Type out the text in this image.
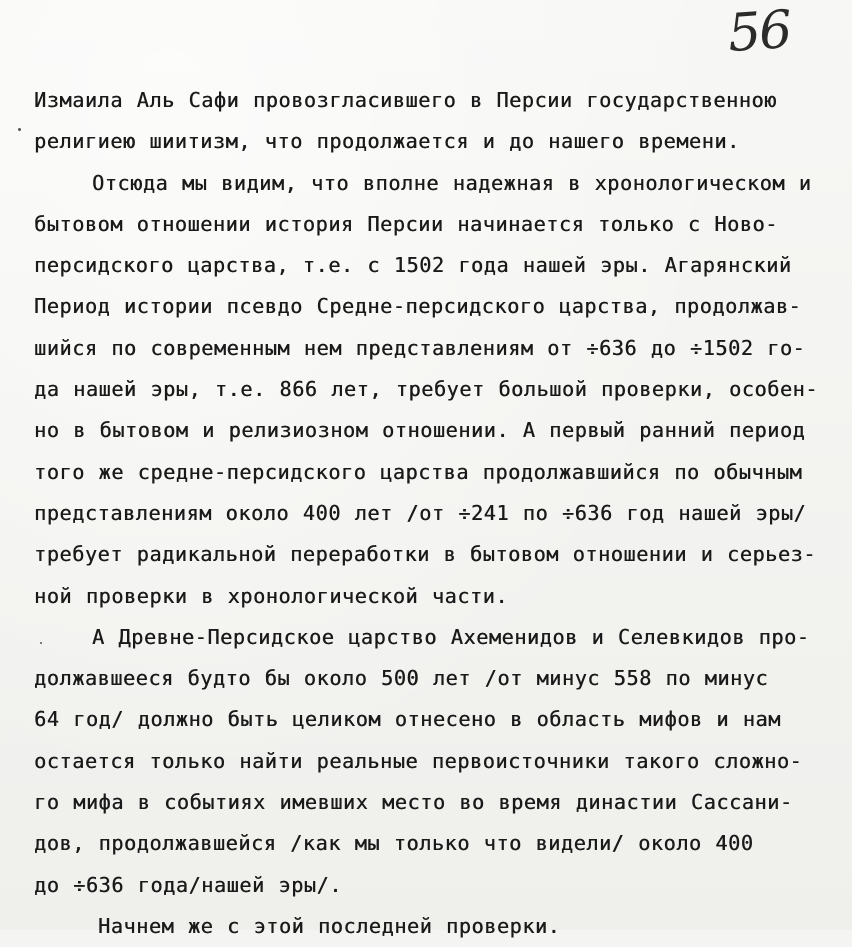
56
Измаила Аль Сафи провозгласившего в Персии государственною
религиею шиитизм, что продолжается и до нашего времени.
Отсюда мы видим, что вполне надежная в хронологическом и
бытовом отношении история Персии начинается только с Ново-
персидского царства, т.е. с 1502 года нашей эры. Агарянский
Период истории псевдо Средне-персидского царства, продолжав-
шийся по современным нем представлениям от ÷636 до ÷1502 го-
да нашей эры, т.е. 866 лет, требует большой проверки, особен-
но в бытовом и релизиозном отношении. А первый ранний период
того же средне-персидского царства продолжавшийся по обычным
представлениям около 400 лет /от ÷241 по ÷636 год нашей эры/
требует радикальной переработки в бытовом отношении и серьез-
ной проверки в хронологической части.
А Древне-Персидское царство Ахеменидов и Селевкидов про-
должавшееся будто бы около 500 лет /от минус 558 по минус
64 год/ должно быть целиком отнесено в область мифов и нам
остается только найти реальные первоисточники такого сложно-
го мифа в событиях имевших место во время династии Сассани-
дов, продолжавшейся /как мы только что видели/ около 400
до ÷636 года/нашей эры/.
Начнем же с этой последней проверки.
